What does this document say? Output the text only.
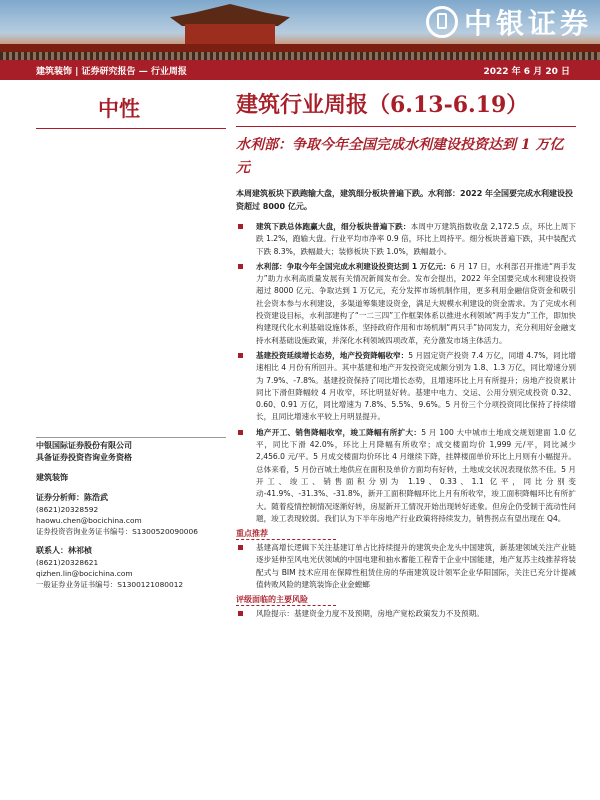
中银证券
建筑装饰 | 证券研究报告 — 行业周报	2022 年 6 月 20 日
中性	建筑行业周报（6.13-6.19）
水利部：争取今年全国完成水利建设投资达到 1 万亿元
本周建筑板块下跌跑输大盘，建筑细分板块普遍下跌。水利部：2022 年全国要完成水利建设投资超过 8000 亿元。
建筑下跌总体跑赢大盘，细分板块普遍下跌：本周中万建筑指数收盘 2,172.5 点，环比上周下跌 1.2%，跑输大盘。行业平均市净率 0.9 倍，环比上周持平。细分板块普遍下跌，其中装配式下跌 8.3%，跌幅最大；装修板块下跌 1.0%，跌幅最小。
水利部：争取今年全国完成水利建设投资达到 1 万亿元：6 月 17 日，水利部召开推进“两手发力”助力水利高质量发展有关情况新闻发布会。发布会提出，2022 年全国要完成水利建设投资超过 8000 亿元、争取达到 1 万亿元，充分发挥市场机制作用，更多利用金融信贷资金和吸引社会资本参与水利建设，多渠道筹集建设资金，满足大规模水利建设的资金需求。为了完成水利投资建设目标，水利部建构了“一二三四”工作框架体系以推进水利领域“两手发力”工作，即加快构建现代化水利基础设施体系，坚持政府作用和市场机制“两只手”协同发力，充分利用好金融支持水利基础设施政策，并深化水利领域四项改革，充分激发市场主体活力。
基建投资延续增长态势，地产投资降幅收窄：5 月固定资产投资 7.4 万亿，同增 4.7%，同比增速相比 4 月份有所回升。其中基建和地产开发投资完成额分别为 1.8、1.3 万亿，同比增速分别为 7.9%、-7.8%。基建投资保持了同比增长态势，且增速环比上月有所提升；房地产投资累计同比下滑但降幅较 4 月收窄，环比明显好转。基建中电力、交运、公用分别完成投资 0.32、0.60、0.91 万亿，同比增速为 7.8%、5.5%、9.6%。5 月份三个分项投资同比保持了持续增长，且同比增速水平较上月明显提升。
地产开工、销售降幅收窄，竣工降幅有所扩大：5 月 100 大中城市土地成交规划建面 1.0 亿平，同比下滑 42.0%，环比上月降幅有所收窄；成交楼面均价 1,999 元/平，同比减少 2,456.0 元/平。5 月成交楼面均价环比 4 月继续下降，挂牌楼面单价环比上月则有小幅提升。总体来看，5 月份百城土地供应在面积及单价方面均有好转，土地成交状况表现依然不佳。5 月开工、竣工、销售面积分别为 1.19、0.33、1.1 亿平，同比分别变动-41.9%、-31.3%、-31.8%，新开工面积降幅环比上月有所收窄，竣工面积降幅环比有所扩大。随着疫情控制情况逐渐好转，房屋新开工情况开始出现转好迹象。但房企仍受制于流动性问题，竣工表现较弱。我们认为下半年房地产行业政策将持续发力，销售拐点有望出现在 Q4。
重点推荐
基建高增长逻辑下关注基建订单占比持续提升的建筑央企龙头中国建筑，新基建领域关注产业链逐步延伸至风电光伏领域的中国电建和抽水蓄能工程背于企业中国能建，地产复苏主线推荐将装配式与 BIM 技术应用在保障性租赁住房的华南建筑设计领军企业华阳国际，关注已充分计提减值转败风险的建筑装饰企业金螳螂
评级面临的主要风险
风险提示：基建资金力度不及预期，房地产宽松政策发力不及预期。
中银国际证券股份有限公司
具备证券投资咨询业务资格
建筑装饰
证券分析师：陈浩武
(8621)20328592
haowu.chen@bocichina.com
证券投资咨询业务证书编号：S1300520090006
联系人：林祁桢
(8621)20328621
qizhen.lin@bocichina.com
一般证券业务证书编号：S1300121080012
